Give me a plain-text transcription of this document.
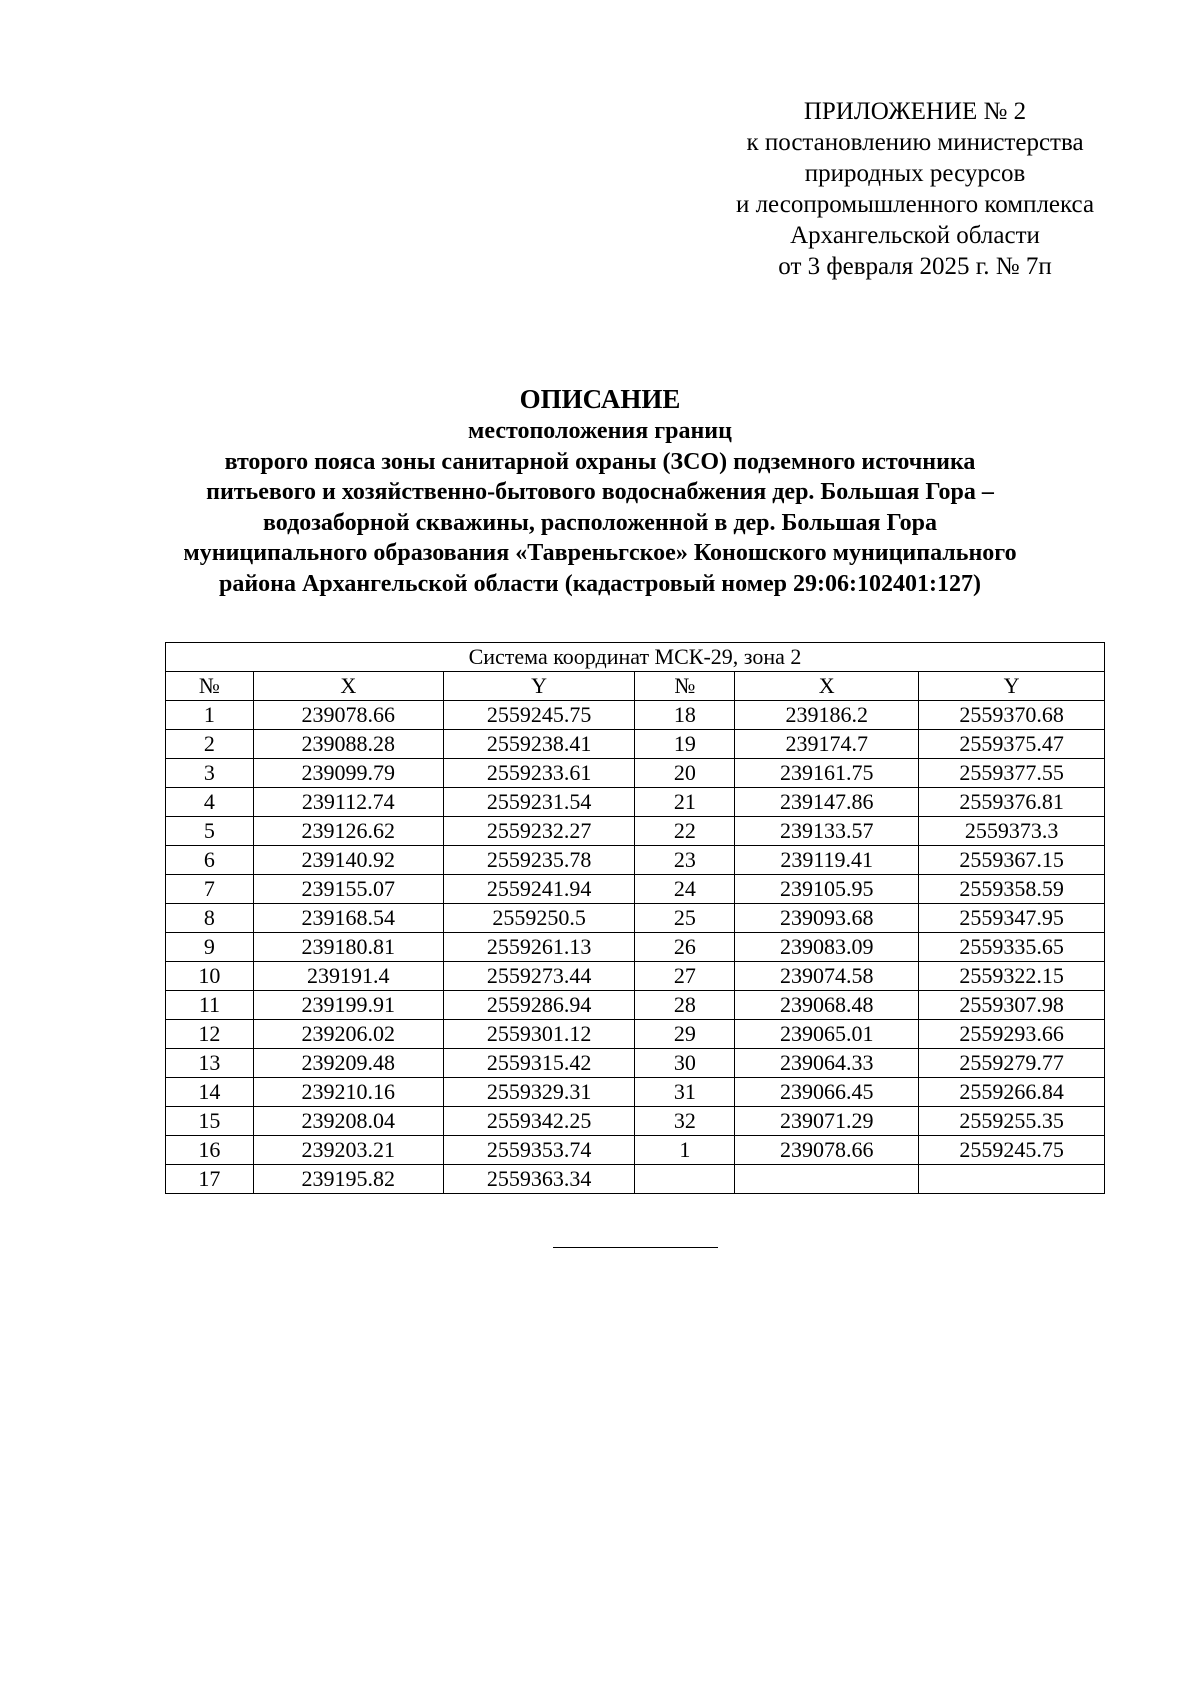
ПРИЛОЖЕНИЕ № 2
к постановлению министерства
природных ресурсов
и лесопромышленного комплекса
Архангельской области
от 3 февраля 2025 г. № 7п
ОПИСАНИЕ
местоположения границ
второго пояса зоны санитарной охраны (ЗСО) подземного источника
питьевого и хозяйственно-бытового водоснабжения дер. Большая Гора –
водозаборной скважины, расположенной в дер. Большая Гора
муниципального образования «Тавреньгское» Коношского муниципального
района Архангельской области (кадастровый номер 29:06:102401:127)
Система координат МСК-29, зона 2					
№	X	Y	№	X	Y
1	239078.66	2559245.75	18	239186.2	2559370.68
2	239088.28	2559238.41	19	239174.7	2559375.47
3	239099.79	2559233.61	20	239161.75	2559377.55
4	239112.74	2559231.54	21	239147.86	2559376.81
5	239126.62	2559232.27	22	239133.57	2559373.3
6	239140.92	2559235.78	23	239119.41	2559367.15
7	239155.07	2559241.94	24	239105.95	2559358.59
8	239168.54	2559250.5	25	239093.68	2559347.95
9	239180.81	2559261.13	26	239083.09	2559335.65
10	239191.4	2559273.44	27	239074.58	2559322.15
11	239199.91	2559286.94	28	239068.48	2559307.98
12	239206.02	2559301.12	29	239065.01	2559293.66
13	239209.48	2559315.42	30	239064.33	2559279.77
14	239210.16	2559329.31	31	239066.45	2559266.84
15	239208.04	2559342.25	32	239071.29	2559255.35
16	239203.21	2559353.74	1	239078.66	2559245.75
17	239195.82	2559363.34			
